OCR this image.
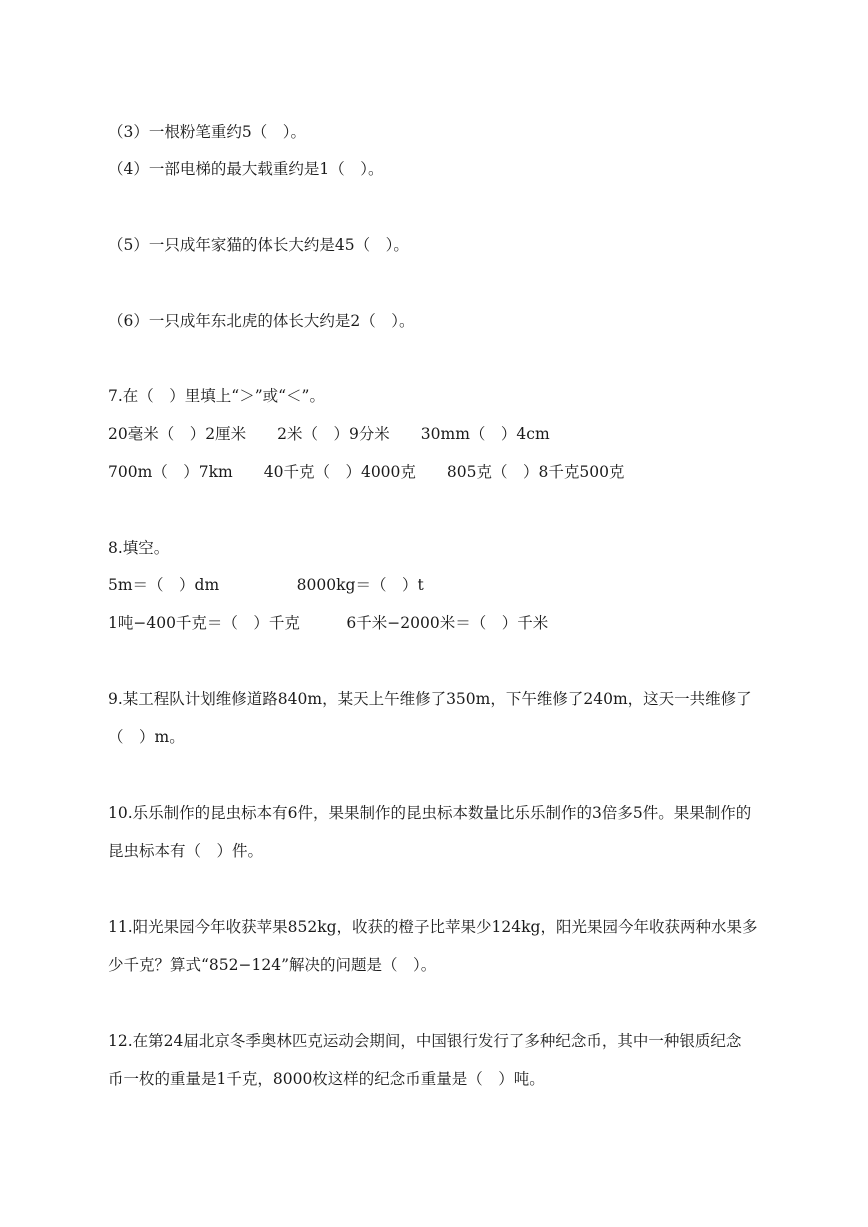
（3）一根粉笔重约5（　）。

（4）一部电梯的最大载重约是1（　）。

（5）一只成年家猫的体长大约是45（　）。

（6）一只成年东北虎的体长大约是2（　）。

7.在（　）里填上“＞”或“＜”。

20毫米（　）2厘米　　2米（　）9分米　　30mm（　）4cm

700m（　）7km　　40千克（　）4000克　　805克（　）8千克500克

8.填空。

5m＝（　）dm　　　　　8000kg＝（　）t

1吨−400千克＝（　）千克　　　6千米−2000米＝（　）千米

9.某工程队计划维修道路840m，某天上午维修了350m，下午维修了240m，这天一共维修了

（　）m。

10.乐乐制作的昆虫标本有6件，果果制作的昆虫标本数量比乐乐制作的3倍多5件。果果制作的

昆虫标本有（　）件。

11.阳光果园今年收获苹果852kg，收获的橙子比苹果少124kg，阳光果园今年收获两种水果多

少千克？算式“852−124”解决的问题是（　）。

12.在第24届北京冬季奥林匹克运动会期间，中国银行发行了多种纪念币，其中一种银质纪念

币一枚的重量是1千克，8000枚这样的纪念币重量是（　）吨。
